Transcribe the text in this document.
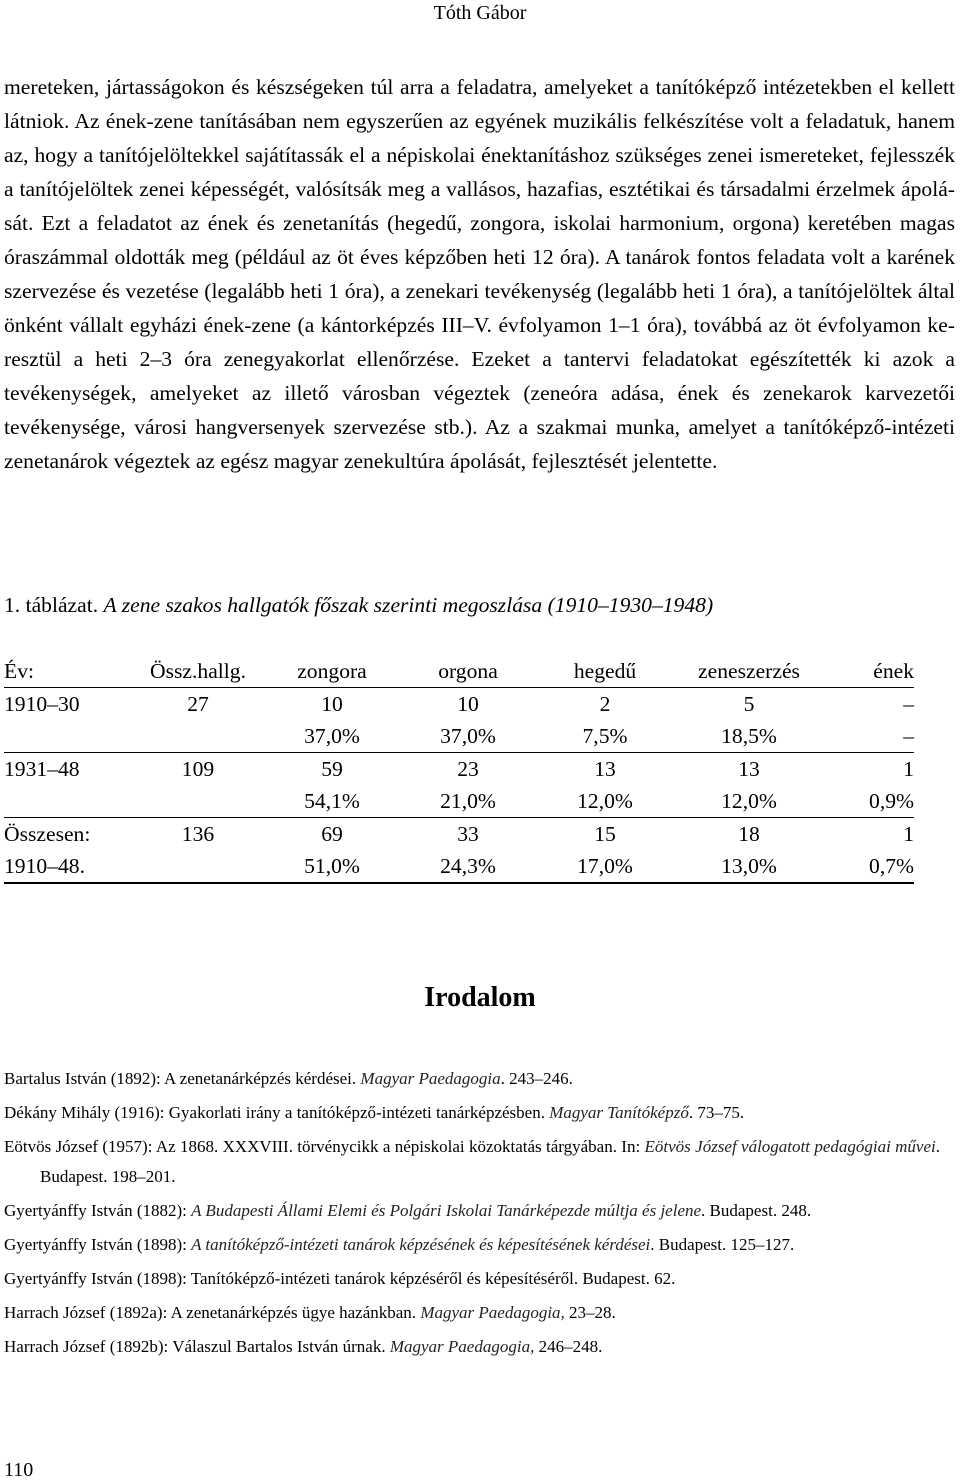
Tóth Gábor
mereteken, jártasságokon és készségeken túl arra a feladatra, amelyeket a tanítóképző intézetekben el kellett látniok. Az ének-zene tanításában nem egyszerűen az egyének muzikális felkészítése volt a feladatuk, hanem az, hogy a tanítójelöltekkel sajátítassák el a népiskolai énektanításhoz szükséges zenei ismereteket, fejlesszék a tanítójelöltek zenei képességét, valósítsák meg a vallásos, hazafias, esztétikai és társadalmi érzelmek ápolását. Ezt a feladatot az ének és zenetanítás (hegedű, zongora, iskolai harmonium, orgona) keretében magas óraszámmal oldották meg (például az öt éves képzőben heti 12 óra). A tanárok fontos feladata volt a karének szervezése és vezetése (legalább heti 1 óra), a zenekari tevékenység (legalább heti 1 óra), a tanítójelöltek által önként vállalt egyházi ének-zene (a kántorképzés III–V. évfolyamon 1–1 óra), továbbá az öt évfolyamon keresztül a heti 2–3 óra zenegyakorlat ellenőrzése. Ezeket a tantervi feladatokat egészítették ki azok a tevékenységek, amelyeket az illető városban végeztek (zeneóra adása, ének és zenekarok karvezetői tevékenysége, városi hangversenyek szervezése stb.). Az a szakmai munka, amelyet a tanítóképző-intézeti zenetanárok végeztek az egész magyar zenekultúra ápolását, fejlesztését jelentette.
1. táblázat. A zene szakos hallgatók főszak szerinti megoszlása (1910–1930–1948)
Év:	Össz.hallg.	zongora	orgona	hegedű	zeneszerzés	ének
1910–30	27	10	10	2	5	–
		37,0%	37,0%	7,5%	18,5%	–
1931–48	109	59	23	13	13	1
		54,1%	21,0%	12,0%	12,0%	0,9%
Összesen:	136	69	33	15	18	1
1910–48.		51,0%	24,3%	17,0%	13,0%	0,7%
Irodalom
Bartalus István (1892): A zenetanárképzés kérdései. Magyar Paedagogia. 243–246.
Dékány Mihály (1916): Gyakorlati irány a tanítóképző-intézeti tanárképzésben. Magyar Tanítóképző. 73–75.
Eötvös József (1957): Az 1868. XXXVIII. törvénycikk a népiskolai közoktatás tárgyában. In: Eötvös József válogatott pedagógiai művei. Budapest. 198–201.
Gyertyánffy István (1882): A Budapesti Állami Elemi és Polgári Iskolai Tanárképezde múltja és jelene. Budapest. 248.
Gyertyánffy István (1898): A tanítóképző-intézeti tanárok képzésének és képesítésének kérdései. Budapest. 125–127.
Gyertyánffy István (1898): Tanítóképző-intézeti tanárok képzéséről és képesítéséről. Budapest. 62.
Harrach József (1892a): A zenetanárképzés ügye hazánkban. Magyar Paedagogia, 23–28.
Harrach József (1892b): Válaszul Bartalos István úrnak. Magyar Paedagogia, 246–248.
110
